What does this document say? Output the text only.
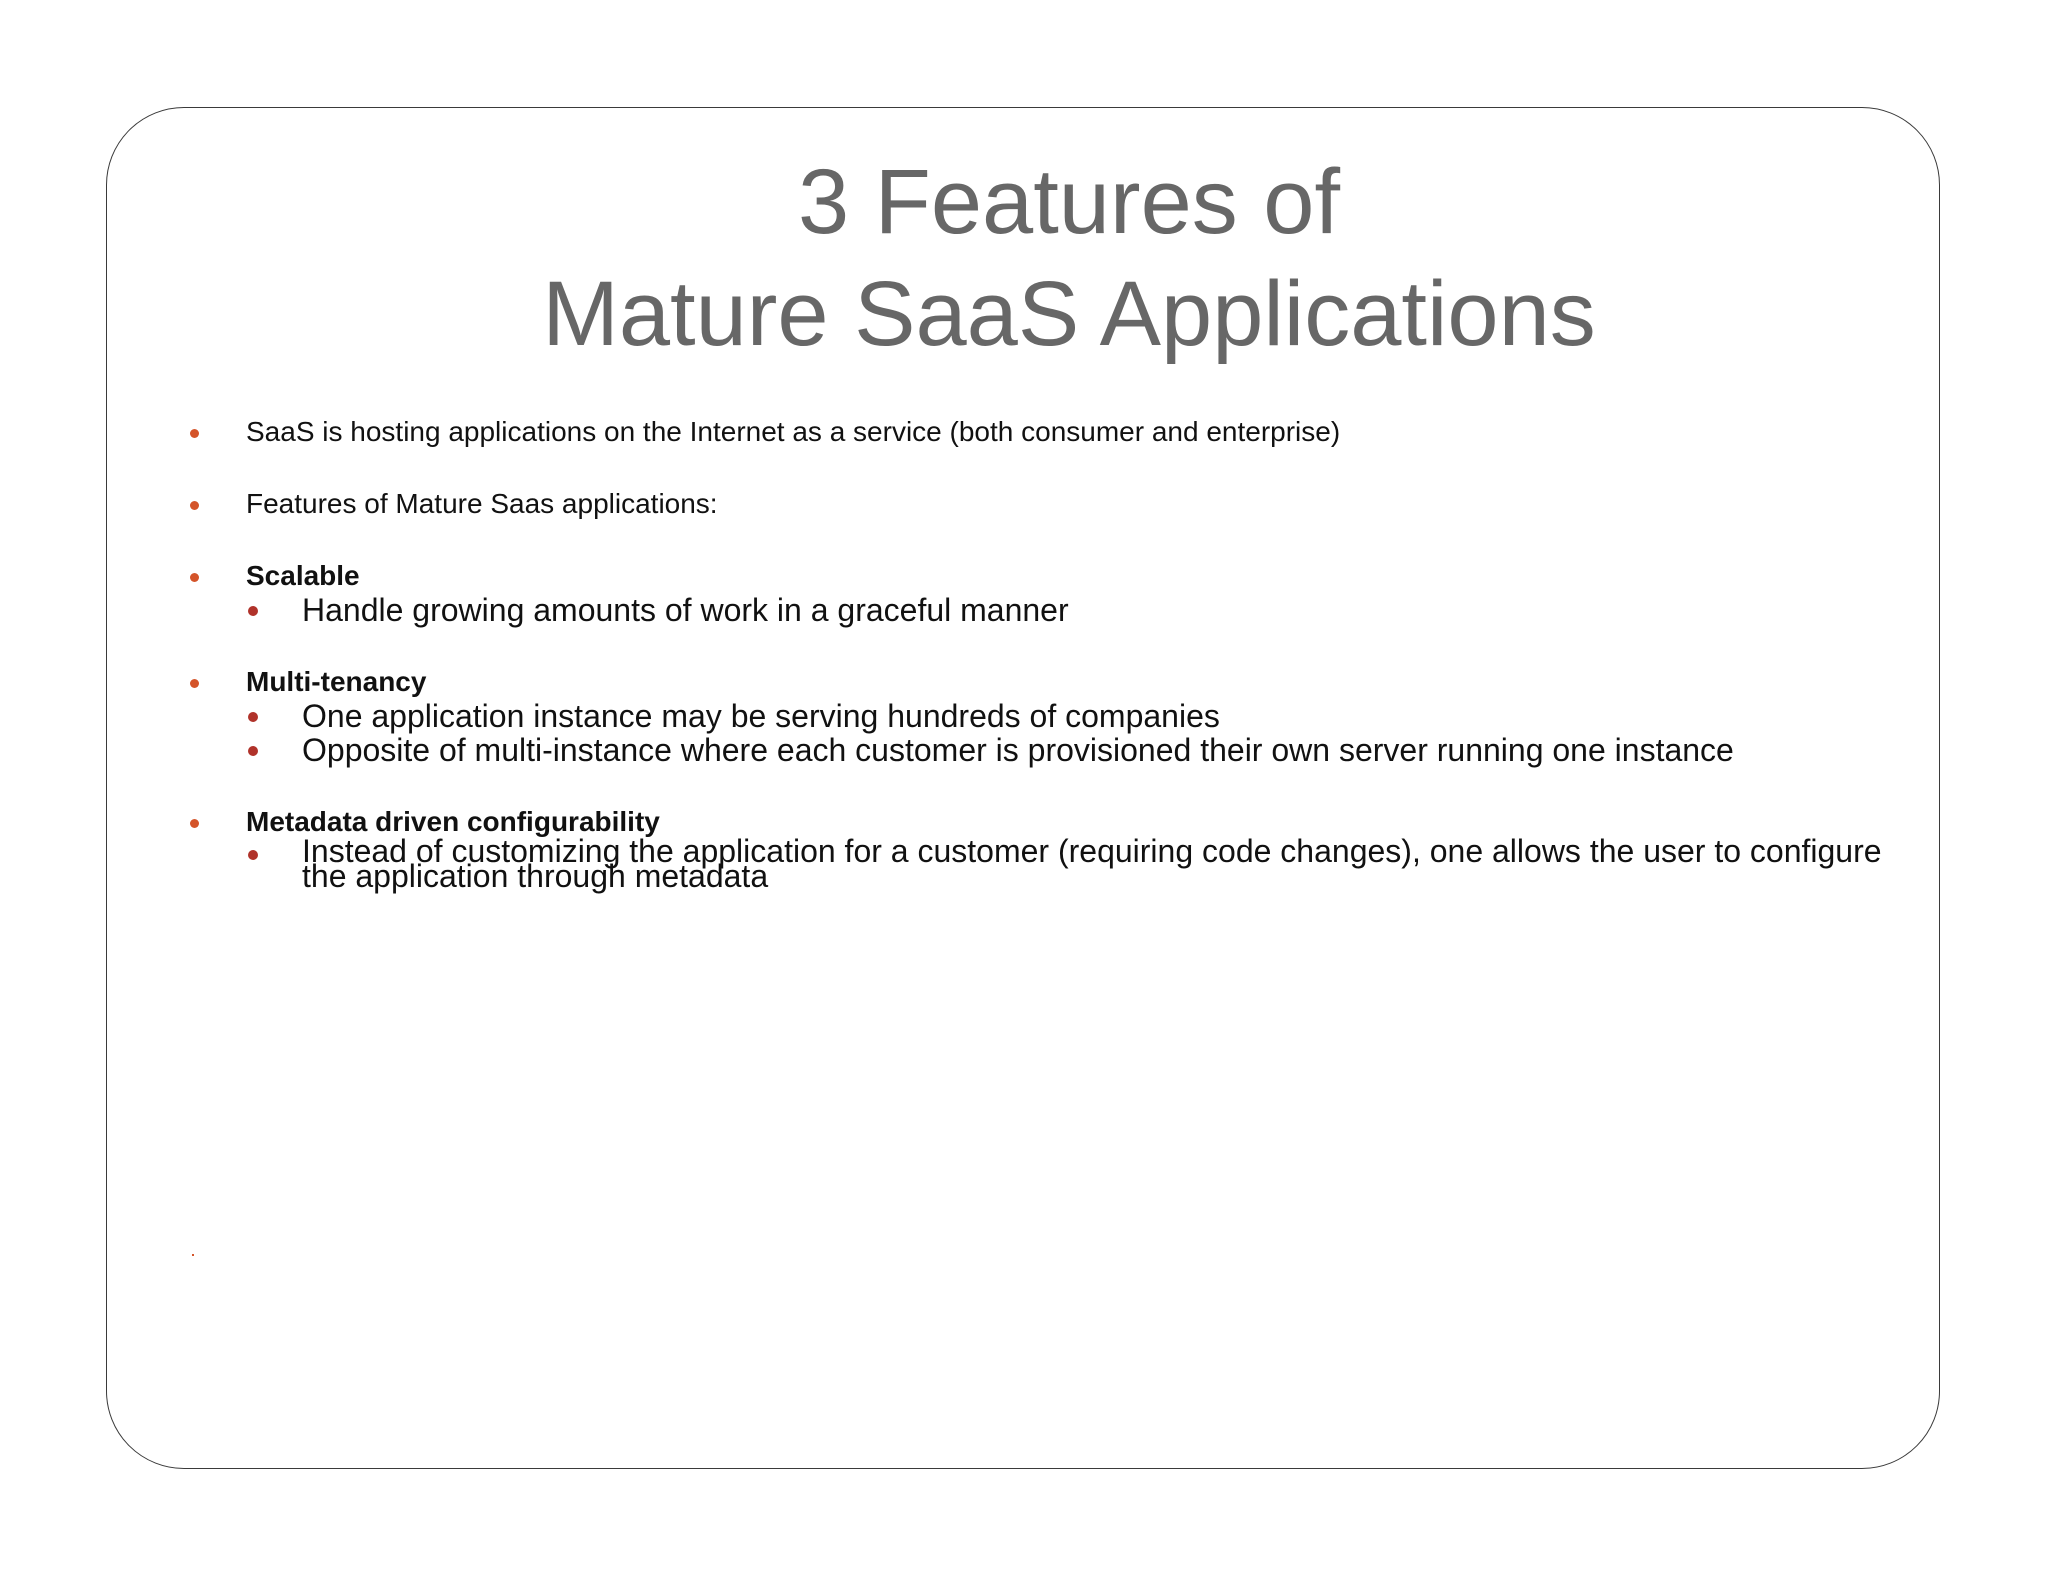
3 Features of
Mature SaaS Applications
SaaS is hosting applications on the Internet as a service (both consumer and enterprise)
Features of Mature Saas applications:
Scalable
Handle growing amounts of work in a graceful manner
Multi-tenancy
One application instance may be serving hundreds of companies
Opposite of multi-instance where each customer is provisioned their own server running one instance
Metadata driven configurability
Instead of customizing the application for a customer (requiring code changes), one allows the user to configure the application through metadata
